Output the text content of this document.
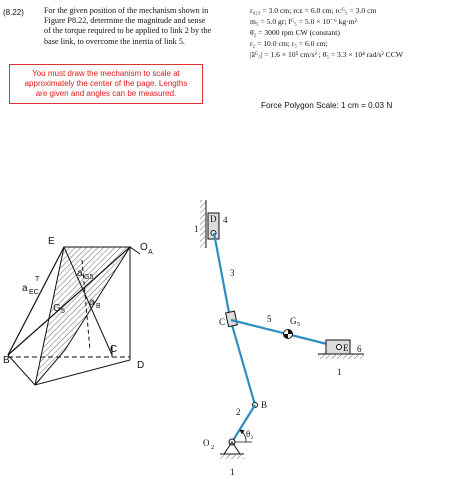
(8.22) For the given position of the mechanism shown in
Figure P8.22, determine the magnitude and sense
of the torque required to be applied to link 2 by the
base link, to overcome the inertia of link 5.
r₀₂₃ = 3.0 cm; rᴄᴇ = 6.0 cm; rᴄᴳ₅ = 3.0 cm
m₅ = 5.0 gr; Iᴳ₅ = 5.0 × 10⁻⁶ kg·m²
θ̇₂ = 3000 rpm CW (constant)
r₂ = 10.0 cm; r₅ = 6.0 cm;
|āᴳ₅| = 1.6 × 10⁵ cm/s² ; θ̈₅ = 3.3 × 10⁴ rad/s² CCW
You must draw the mechanism to scale at
approximately the center of the page. Lengths
are given and angles can be measured.
Force Polygon Scale: 1 cm = 0.03 N
E
O A
T
a EC
a G5
G 5
a B
C
B	D
1
D 4
3
C	5 G 5
E 6
1
B
2
θ₂
O 2
1
